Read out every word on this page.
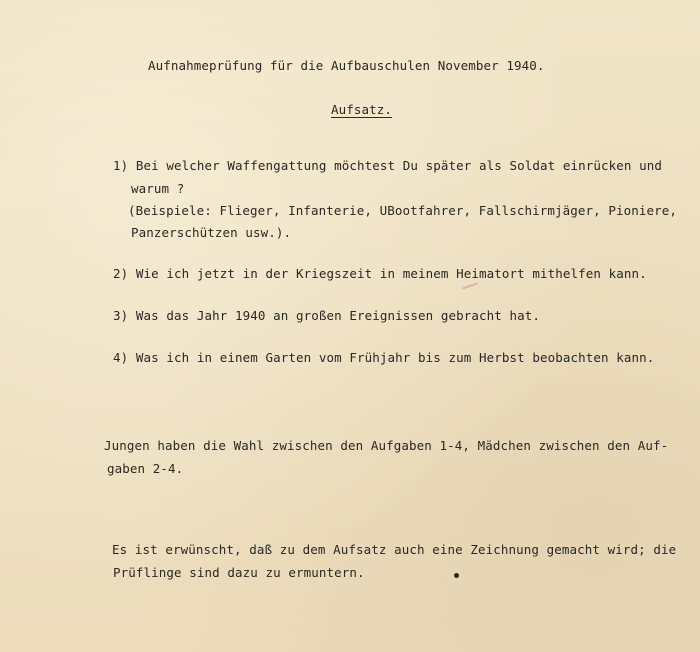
Aufnahmeprüfung für die Aufbauschulen November 1940.
Aufsatz.
1) Bei welcher Waffengattung möchtest Du später als Soldat einrücken und
warum ?
(Beispiele: Flieger, Infanterie, UBootfahrer, Fallschirmjäger, Pioniere,
Panzerschützen usw.).
2) Wie ich jetzt in der Kriegszeit in meinem Heimatort mithelfen kann.
3) Was das Jahr 1940 an großen Ereignissen gebracht hat.
4) Was ich in einem Garten vom Frühjahr bis zum Herbst beobachten kann.
Jungen haben die Wahl zwischen den Aufgaben 1-4, Mädchen zwischen den Auf-
gaben 2-4.
Es ist erwünscht, daß zu dem Aufsatz auch eine Zeichnung gemacht wird; die
Prüflinge sind dazu zu ermuntern.
